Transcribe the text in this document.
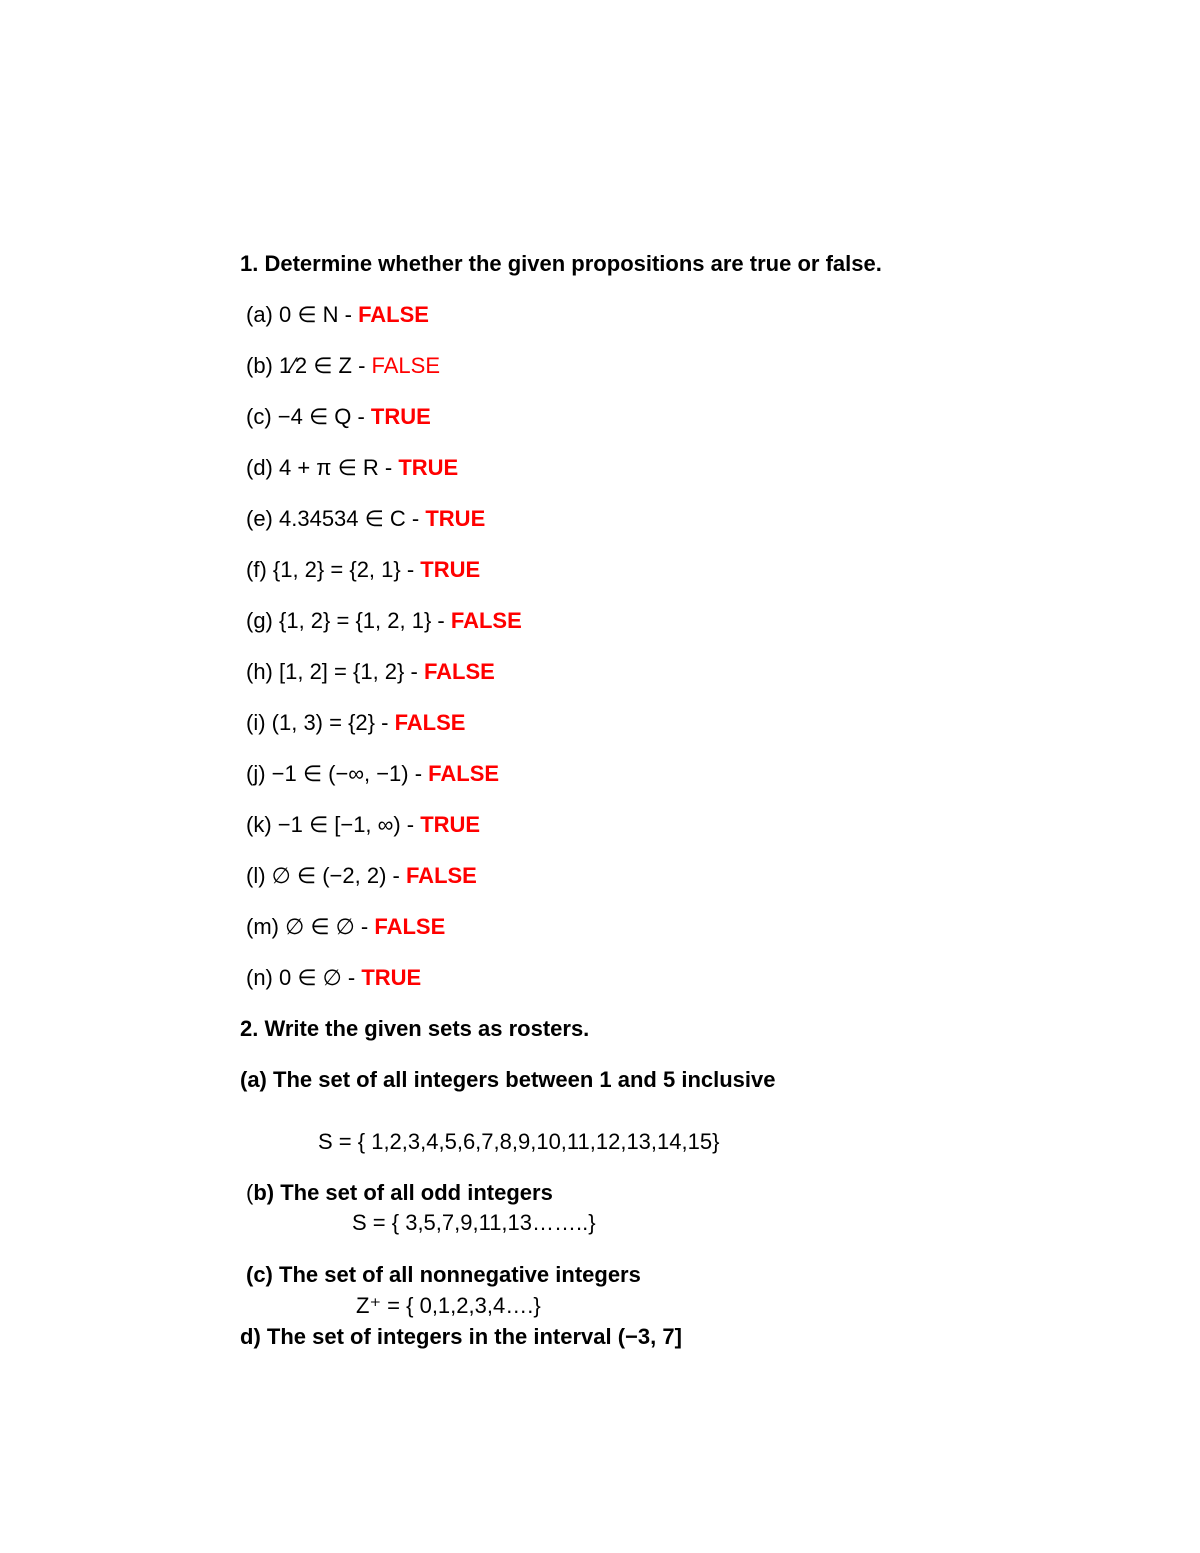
1. Determine whether the given propositions are true or false.
(a) 0 ∈ N - FALSE
(b) 1⁄2 ∈ Z - FALSE
(c) −4 ∈ Q - TRUE
(d) 4 + π ∈ R - TRUE
(e) 4.34534 ∈ C - TRUE
(f) {1, 2} = {2, 1} - TRUE
(g) {1, 2} = {1, 2, 1} - FALSE
(h) [1, 2] = {1, 2} - FALSE
(i) (1, 3) = {2} - FALSE
(j) −1 ∈ (−∞, −1) - FALSE
(k) −1 ∈ [−1, ∞) - TRUE
(l) ∅ ∈ (−2, 2) - FALSE
(m) ∅ ∈ ∅ - FALSE
(n) 0 ∈ ∅ - TRUE
2. Write the given sets as rosters.
(a) The set of all integers between 1 and 5 inclusive
S = { 1,2,3,4,5,6,7,8,9,10,11,12,13,14,15}
(b) The set of all odd integers
S = { 3,5,7,9,11,13……..}
(c) The set of all nonnegative integers
Z⁺ = { 0,1,2,3,4….}
d) The set of integers in the interval (−3, 7]
